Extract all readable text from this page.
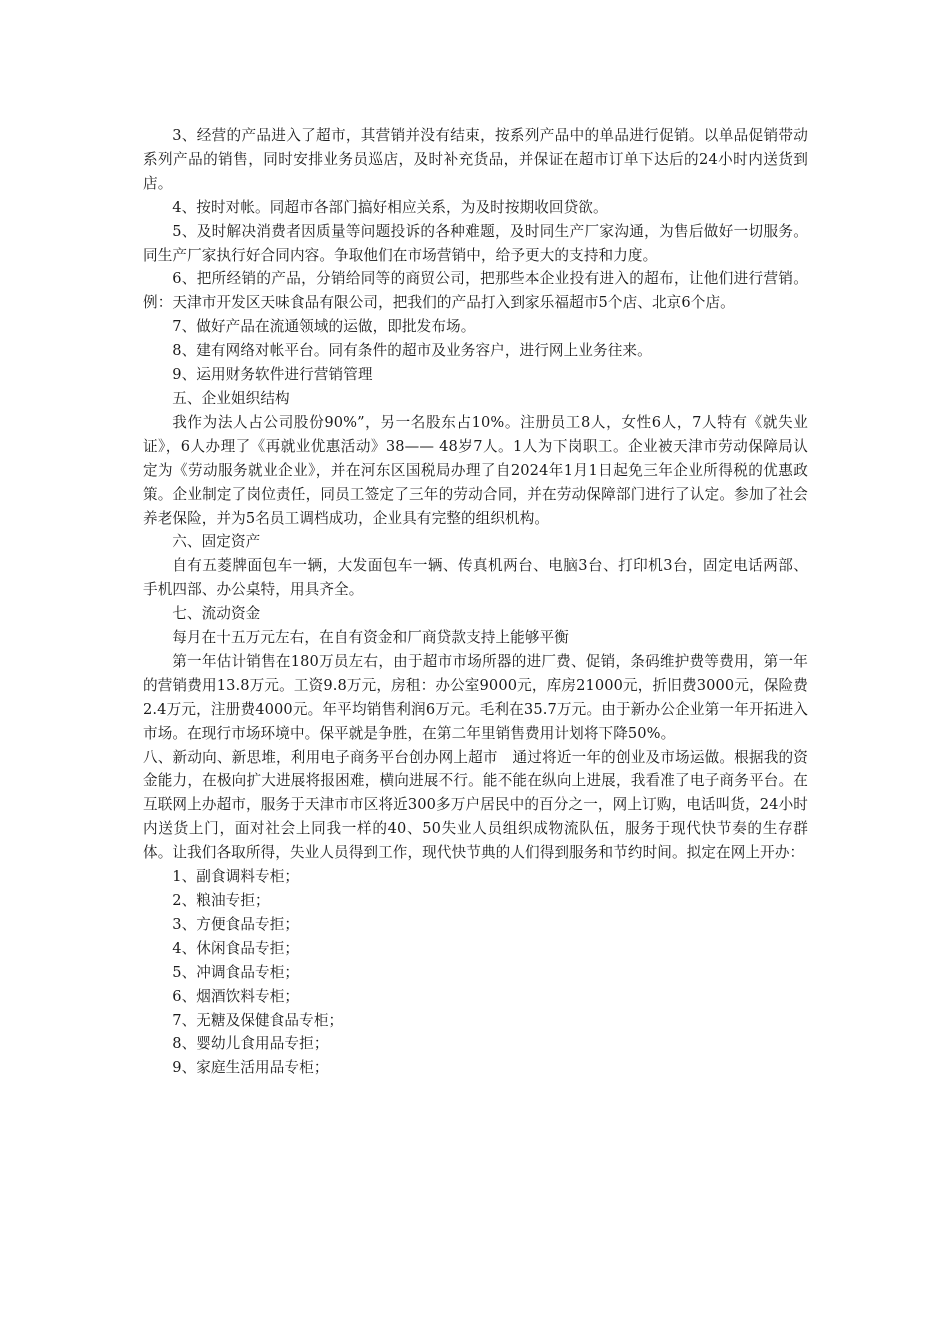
3、经营的产品进入了超市，其营销并没有结束，按系列产品中的单品进行促销。以单品促销带动系列产品的销售，同时安排业务员巡店，及时补充货品，并保证在超市订单下达后的24小时内送货到店。

4、按时对帐。同超市各部门搞好相应关系，为及时按期收回贷欲。

5、及时解决消费者因质量等问题投诉的各种难题，及时同生产厂家沟通，为售后做好一切服务。同生产厂家执行好合同内容。争取他们在市场营销中，给予更大的支持和力度。

6、把所经销的产品，分销给同等的商贸公司，把那些本企业投有进入的超布，让他们进行营销。例：天津市开发区天味食品有限公司，把我们的产品打入到家乐福超市5个店、北京6个店。

7、做好产品在流通领域的运做，即批发布场。

8、建有网络对帐平台。同有条件的超市及业务容户，进行网上业务往来。

9、运用财务软件进行营销管理

五、企业姐织结构

我作为法人占公司股份90%”，另一名股东占10%。注册员工8人，女性6人，7人特有《就失业证》，6人办理了《再就业优惠活动》38—— 48岁7人。1人为下岗职工。企业被天津市劳动保障局认定为《劳动服务就业企业》，并在河东区国税局办理了自2024年1月1日起免三年企业所得税的优惠政策。企业制定了岗位责任，同员工签定了三年的劳动合同，并在劳动保障部门进行了认定。参加了社会养老保险，并为5名员工调档成功，企业具有完整的组织机构。

六、固定资产

自有五菱牌面包车一辆，大发面包车一辆、传真机两台、电脑3台、打印机3台，固定电话两部、手机四部、办公桌特，用具齐全。

七、流动资金

每月在十五万元左右，在自有资金和厂商贷款支持上能够平衡

第一年估计销售在180万员左右，由于超市市场所器的进厂费、促销，条码维护费等费用，第一年的营销费用13.8万元。工资9.8万元，房租：办公室9000元，库房21000元，折旧费3000元，保险费2.4万元，注册费4000元。年平均销售利润6万元。毛利在35.7万元。由于新办公企业第一年开拓进入市场。在现行市场环境中。保平就是争胜，在第二年里销售费用计划将下降50%。

八、新动向、新思堆，利用电子商务平台创办网上超市　通过将近一年的创业及市场运做。根据我的资金能力，在极向扩大进展将报困难，横向进展不行。能不能在纵向上进展，我看准了电子商务平台。在互联网上办超市，服务于天津市市区将近300多万户居民中的百分之一，网上订购，电话叫货，24小时内送货上门，面对社会上同我一样的40、50失业人员组织成物流队伍，服务于现代快节奏的生存群体。让我们各取所得，失业人员得到工作，现代快节典的人们得到服务和节约时间。拟定在网上开办：

1、副食调料专柜；

2、粮油专拒；

3、方便食品专拒；

4、休闲食品专拒；

5、冲调食品专柜；

6、烟酒饮料专柜；

7、无糖及保健食品专柜；

8、婴幼儿食用品专拒；

9、家庭生活用品专柜；
